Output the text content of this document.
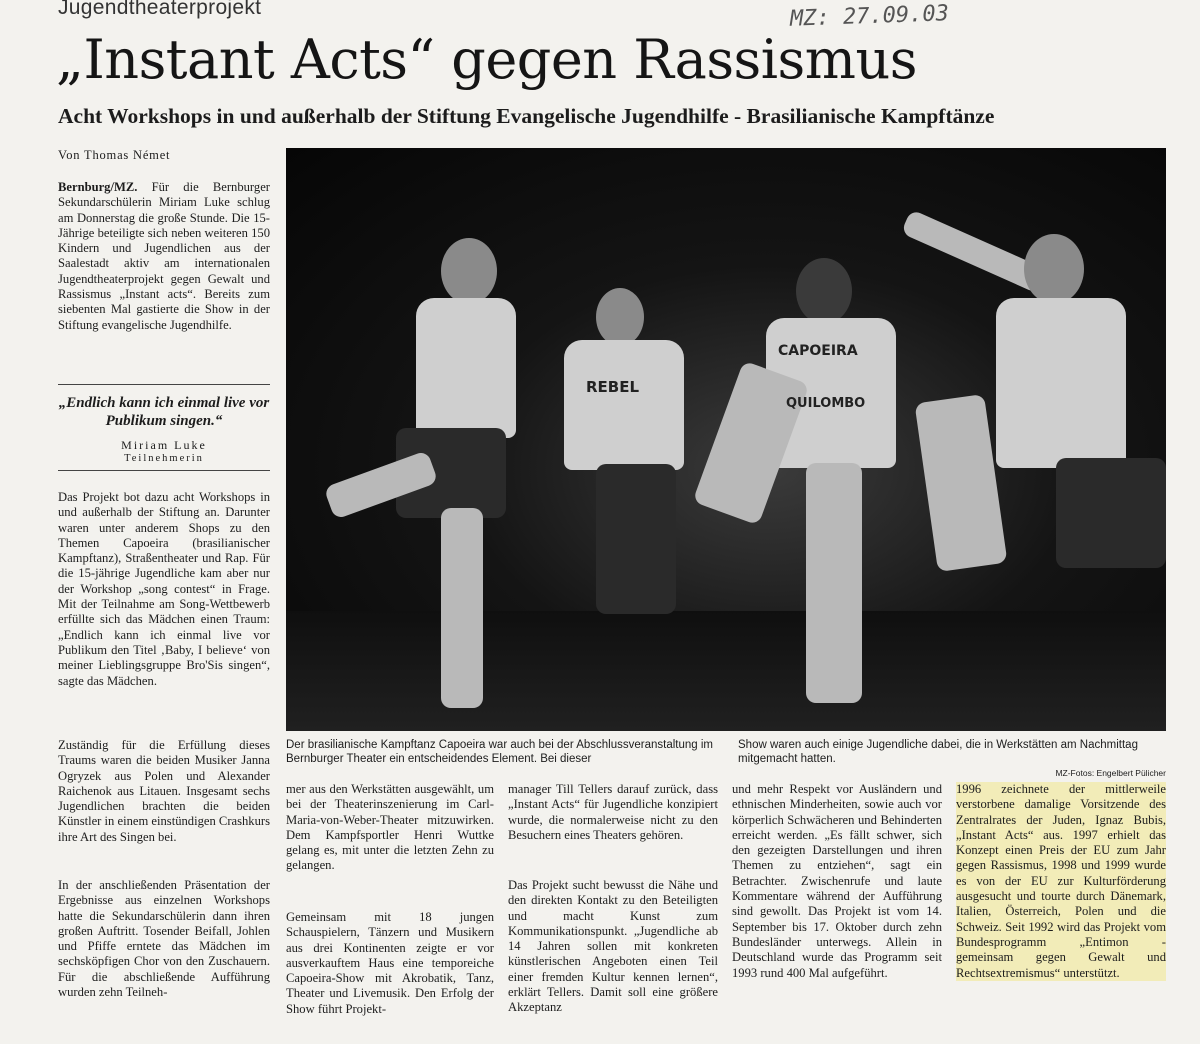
Jugendtheaterprojekt	MZ: 27.09.03
„Instant Acts“ gegen Rassismus
Acht Workshops in und außerhalb der Stiftung Evangelische Jugendhilfe - Brasilianische Kampftänze
Von Thomas Német
Bernburg/MZ. Für die Bernburger Sekundarschülerin Miriam Luke schlug am Donnerstag die große Stunde. Die 15-Jährige beteiligte sich neben weiteren 150 Kindern und Jugendlichen aus der Saalestadt aktiv am internationalen Jugendtheaterprojekt gegen Gewalt und Rassismus „Instant acts“. Bereits zum siebenten Mal gastierte die Show in der Stiftung evangelische Jugendhilfe.
„Endlich kann ich einmal live vor Publikum singen.“
Miriam Luke
Teilnehmerin
Das Projekt bot dazu acht Workshops in und außerhalb der Stiftung an. Darunter waren unter anderem Shops zu den Themen Capoeira (brasilianischer Kampftanz), Straßentheater und Rap. Für die 15-jährige Jugendliche kam aber nur der Workshop „song contest“ in Frage. Mit der Teilnahme am Song-Wettbewerb erfüllte sich das Mädchen einen Traum: „Endlich kann ich einmal live vor Publikum den Titel ‚Baby, I believe‘ von meiner Lieblingsgruppe Bro'Sis singen“, sagte das Mädchen.
Zuständig für die Erfüllung dieses Traums waren die beiden Musiker Janna Ogryzek aus Polen und Alexander Raichenok aus Litauen. Insgesamt sechs Jugendlichen brachten die beiden Künstler in einem einstündigen Crashkurs ihre Art des Singen bei.
In der anschließenden Präsentation der Ergebnisse aus einzelnen Workshops hatte die Sekundarschülerin dann ihren großen Auftritt. Tosender Beifall, Johlen und Pfiffe erntete das Mädchen im sechsköpfigen Chor von den Zuschauern. Für die abschließende Aufführung wurden zehn Teilneh-
REBEL
CAPOEIRA
QUILOMBO
Der brasilianische Kampftanz Capoeira war auch bei der Abschlussveranstaltung im Bernburger Theater ein entscheidendes Element. Bei dieser
Show waren auch einige Jugendliche dabei, die in Werkstätten am Nachmittag mitgemacht hatten.
MZ-Fotos: Engelbert Pülicher
mer aus den Werkstätten ausgewählt, um bei der Theaterinszenierung im Carl-Maria-von-Weber-Theater mitzuwirken. Dem Kampfsportler Henri Wuttke gelang es, mit unter die letzten Zehn zu gelangen.
Gemeinsam mit 18 jungen Schauspielern, Tänzern und Musikern aus drei Kontinenten zeigte er vor ausverkauftem Haus eine temporeiche Capoeira-Show mit Akrobatik, Tanz, Theater und Livemusik. Den Erfolg der Show führt Projekt-
manager Till Tellers darauf zurück, dass „Instant Acts“ für Jugendliche konzipiert wurde, die normalerweise nicht zu den Besuchern eines Theaters gehören.
Das Projekt sucht bewusst die Nähe und den direkten Kontakt zu den Beteiligten und macht Kunst zum Kommunikationspunkt. „Jugendliche ab 14 Jahren sollen mit konkreten künstlerischen Angeboten einen Teil einer fremden Kultur kennen lernen“, erklärt Tellers. Damit soll eine größere Akzeptanz
und mehr Respekt vor Ausländern und ethnischen Minderheiten, sowie auch vor körperlich Schwächeren und Behinderten erreicht werden. „Es fällt schwer, sich den gezeigten Darstellungen und ihren Themen zu entziehen“, sagt ein Betrachter. Zwischenrufe und laute Kommentare während der Aufführung sind gewollt. Das Projekt ist vom 14. September bis 17. Oktober durch zehn Bundesländer unterwegs. Allein in Deutschland wurde das Programm seit 1993 rund 400 Mal aufgeführt.
1996 zeichnete der mittlerweile verstorbene damalige Vorsitzende des Zentralrates der Juden, Ignaz Bubis, „Instant Acts“ aus. 1997 erhielt das Konzept einen Preis der EU zum Jahr gegen Rassismus, 1998 und 1999 wurde es von der EU zur Kulturförderung ausgesucht und tourte durch Dänemark, Italien, Österreich, Polen und die Schweiz. Seit 1992 wird das Projekt vom Bundesprogramm „Entimon - gemeinsam gegen Gewalt und Rechtsextremismus“ unterstützt.
